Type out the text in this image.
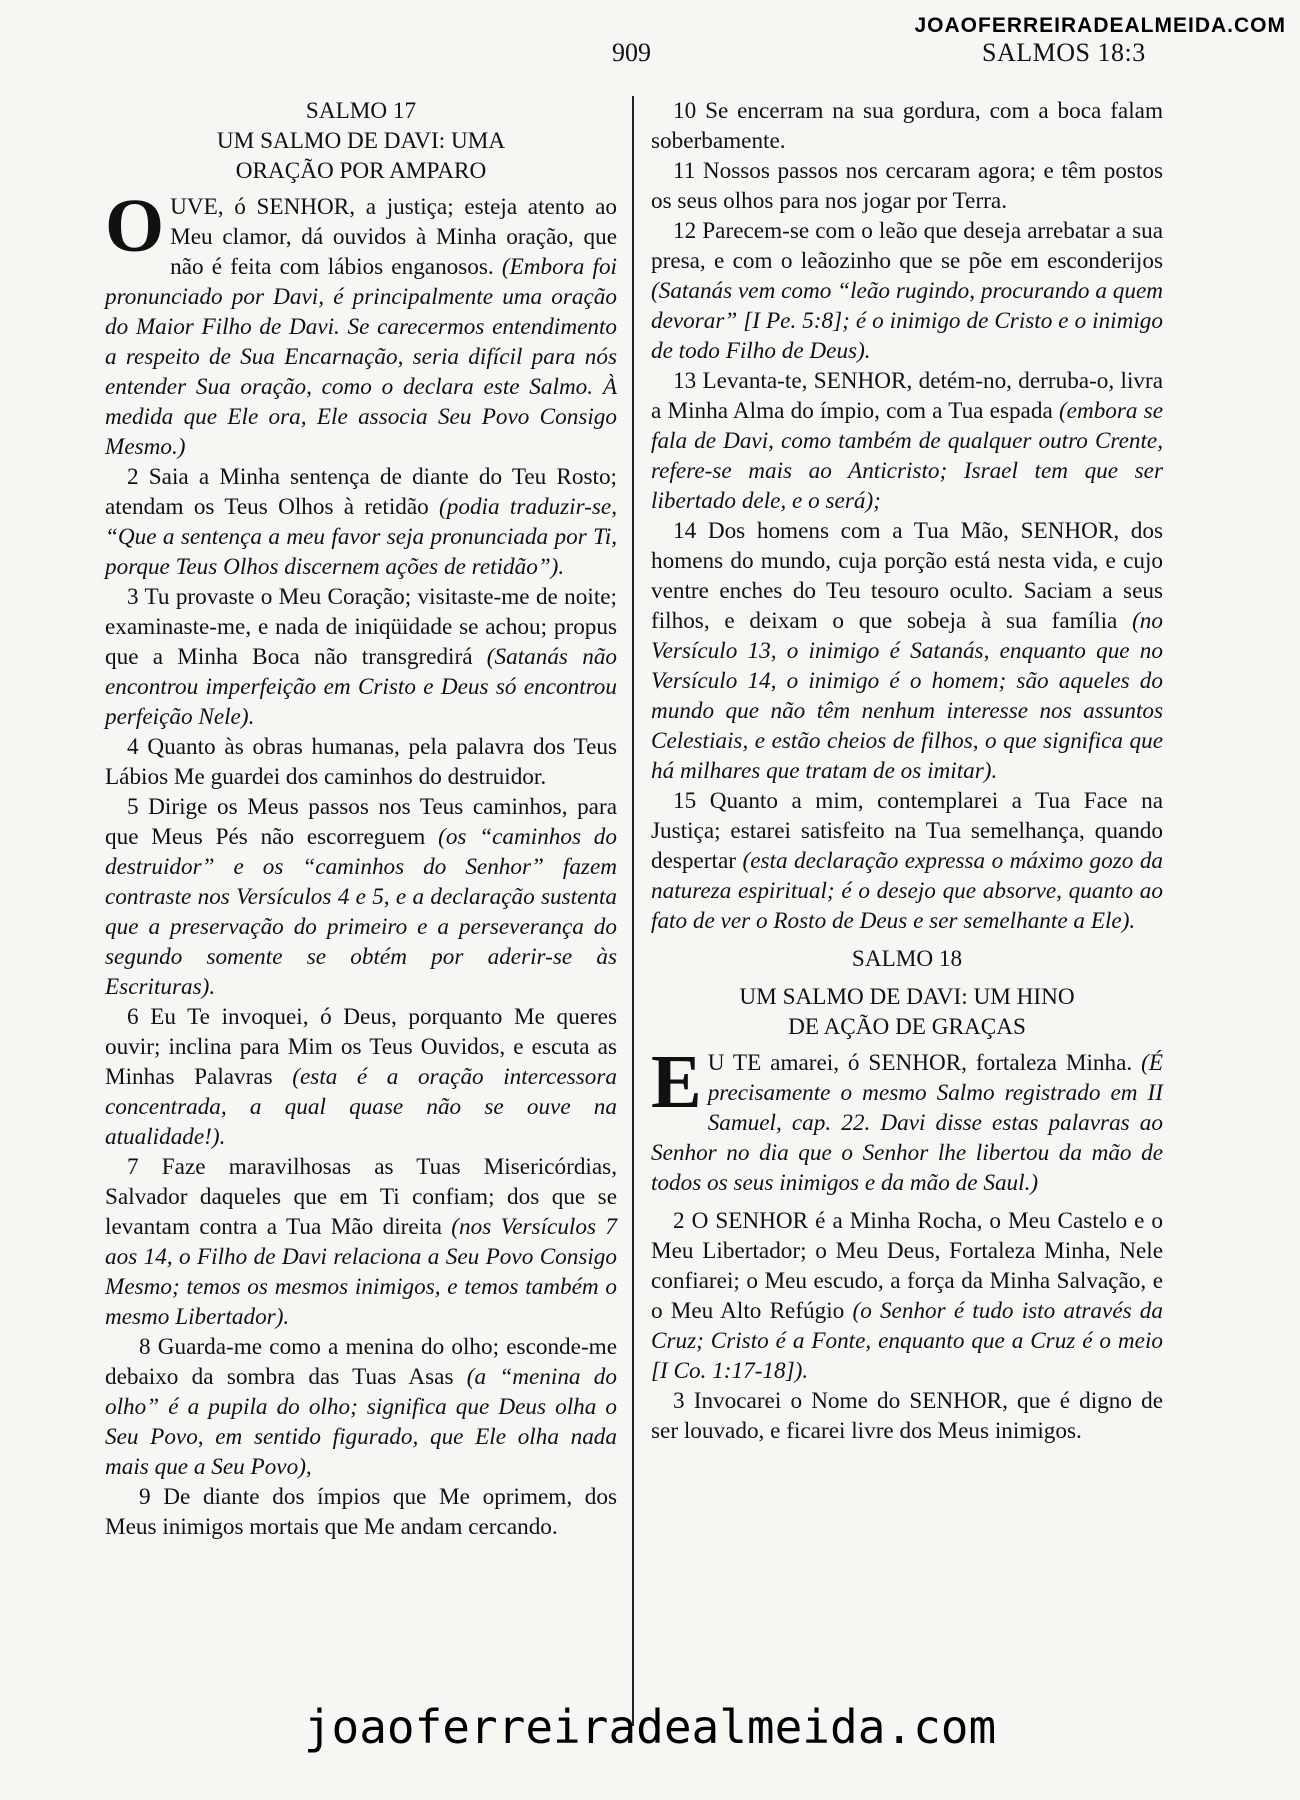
JOAOFERREIRADEALMEIDA.COM
909	SALMOS 18:3
SALMO 17
UM SALMO DE DAVI: UMA
ORAÇÃO POR AMPARO

OUVE, ó SENHOR, a justiça; esteja atento ao Meu clamor, dá ouvidos à Minha oração, que não é feita com lábios enganosos. (Embora foi pronunciado por Davi, é principalmente uma oração do Maior Filho de Davi. Se carecermos entendimento a respeito de Sua Encarnação, seria difícil para nós entender Sua oração, como o declara este Salmo. À medida que Ele ora, Ele associa Seu Povo Consigo Mesmo.)

2 Saia a Minha sentença de diante do Teu Rosto; atendam os Teus Olhos à retidão (podia traduzir-se, “Que a sentença a meu favor seja pronunciada por Ti, porque Teus Olhos discernem ações de retidão”).

3 Tu provaste o Meu Coração; visitaste-me de noite; examinaste-me, e nada de iniqüidade se achou; propus que a Minha Boca não transgredirá (Satanás não encontrou imperfeição em Cristo e Deus só encontrou perfeição Nele).

4 Quanto às obras humanas, pela palavra dos Teus Lábios Me guardei dos caminhos do destruidor.

5 Dirige os Meus passos nos Teus caminhos, para que Meus Pés não escorreguem (os “caminhos do destruidor” e os “caminhos do Senhor” fazem contraste nos Versículos 4 e 5, e a declaração sustenta que a preservação do primeiro e a perseverança do segundo somente se obtém por aderir-se às Escrituras).

6 Eu Te invoquei, ó Deus, porquanto Me queres ouvir; inclina para Mim os Teus Ouvidos, e escuta as Minhas Palavras (esta é a oração intercessora concentrada, a qual quase não se ouve na atualidade!).

7 Faze maravilhosas as Tuas Misericórdias, Salvador daqueles que em Ti confiam; dos que se levantam contra a Tua Mão direita (nos Versículos 7 aos 14, o Filho de Davi relaciona a Seu Povo Consigo Mesmo; temos os mesmos inimigos, e temos também o mesmo Libertador).

8 Guarda-me como a menina do olho; esconde-me debaixo da sombra das Tuas Asas (a “menina do olho” é a pupila do olho; significa que Deus olha o Seu Povo, em sentido figurado, que Ele olha nada mais que a Seu Povo),

9 De diante dos ímpios que Me oprimem, dos Meus inimigos mortais que Me andam cercando.

10 Se encerram na sua gordura, com a boca falam soberbamente.

11 Nossos passos nos cercaram agora; e têm postos os seus olhos para nos jogar por Terra.

12 Parecem-se com o leão que deseja arrebatar a sua presa, e com o leãozinho que se põe em esconderijos (Satanás vem como “leão rugindo, procurando a quem devorar” [I Pe. 5:8]; é o inimigo de Cristo e o inimigo de todo Filho de Deus).

13 Levanta-te, SENHOR, detém-no, derruba-o, livra a Minha Alma do ímpio, com a Tua espada (embora se fala de Davi, como também de qualquer outro Crente, refere-se mais ao Anticristo; Israel tem que ser libertado dele, e o será);

14 Dos homens com a Tua Mão, SENHOR, dos homens do mundo, cuja porção está nesta vida, e cujo ventre enches do Teu tesouro oculto. Saciam a seus filhos, e deixam o que sobeja à sua família (no Versículo 13, o inimigo é Satanás, enquanto que no Versículo 14, o inimigo é o homem; são aqueles do mundo que não têm nenhum interesse nos assuntos Celestiais, e estão cheios de filhos, o que significa que há milhares que tratam de os imitar).

15 Quanto a mim, contemplarei a Tua Face na Justiça; estarei satisfeito na Tua semelhança, quando despertar (esta declaração expressa o máximo gozo da natureza espiritual; é o desejo que absorve, quanto ao fato de ver o Rosto de Deus e ser semelhante a Ele).

SALMO 18
UM SALMO DE DAVI: UM HINO
DE AÇÃO DE GRAÇAS

E U TE amarei, ó SENHOR, fortaleza Minha. (É precisamente o mesmo Salmo registrado em II Samuel, cap. 22. Davi disse estas palavras ao Senhor no dia que o Senhor lhe libertou da mão de todos os seus inimigos e da mão de Saul.)

2 O SENHOR é a Minha Rocha, o Meu Castelo e o Meu Libertador; o Meu Deus, Fortaleza Minha, Nele confiarei; o Meu escudo, a força da Minha Salvação, e o Meu Alto Refúgio (o Senhor é tudo isto através da Cruz; Cristo é a Fonte, enquanto que a Cruz é o meio [I Co. 1:17-18]).

3 Invocarei o Nome do SENHOR, que é digno de ser louvado, e ficarei livre dos Meus inimigos.

joaoferreiradealmeida.com
